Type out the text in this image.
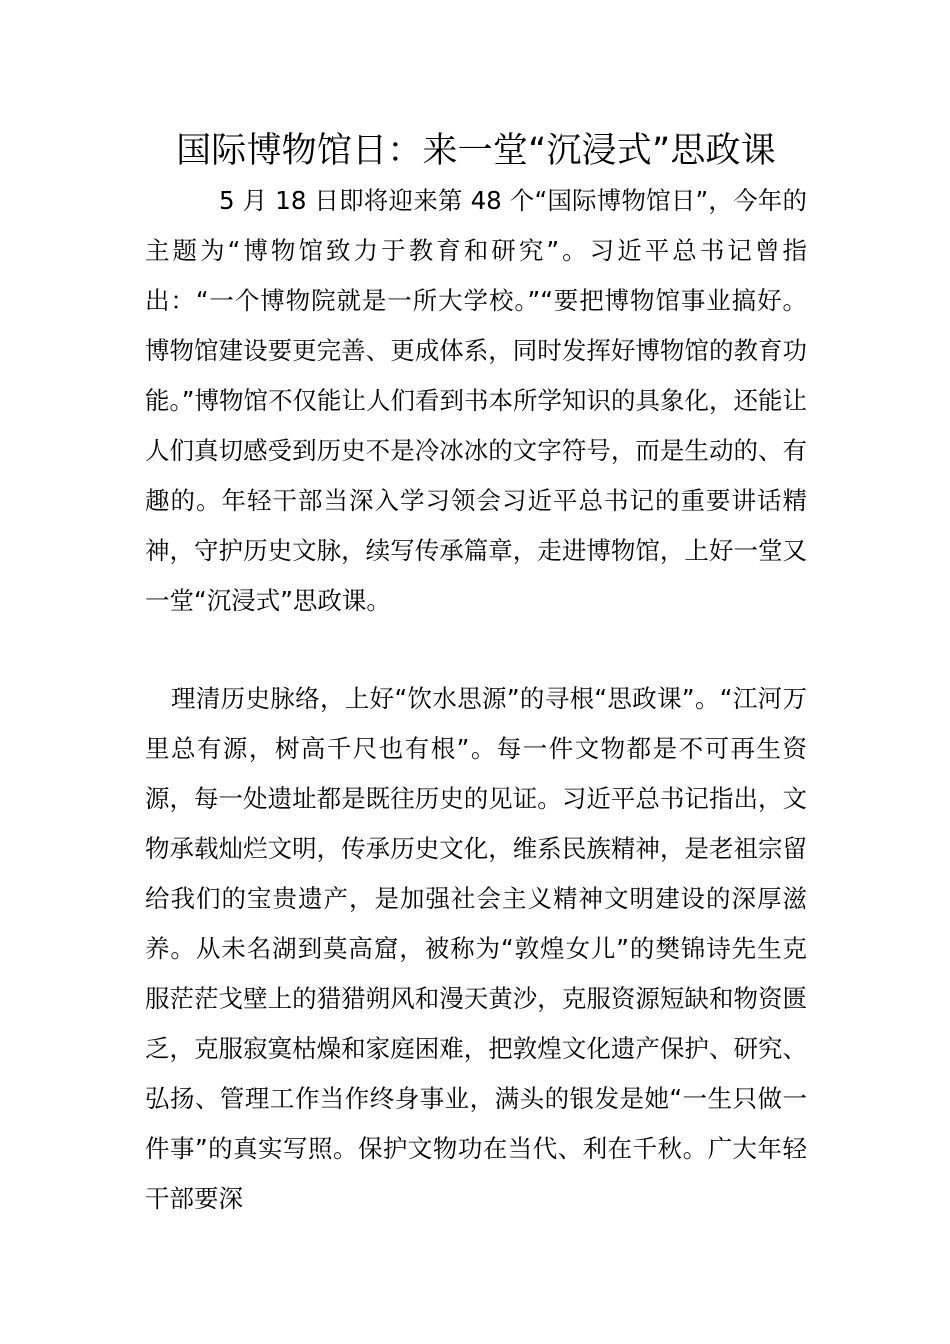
国际博物馆日：来一堂“沉浸式”思政课

5 月 18 日即将迎来第 48 个“国际博物馆日”，今年的主题为“博物馆致力于教育和研究”。习近平总书记曾指出：“一个博物院就是一所大学校。”“要把博物馆事业搞好。博物馆建设要更完善、更成体系，同时发挥好博物馆的教育功能。”博物馆不仅能让人们看到书本所学知识的具象化，还能让人们真切感受到历史不是冷冰冰的文字符号，而是生动的、有趣的。年轻干部当深入学习领会习近平总书记的重要讲话精神，守护历史文脉，续写传承篇章，走进博物馆，上好一堂又一堂“沉浸式”思政课。

理清历史脉络，上好“饮水思源”的寻根“思政课”。“江河万里总有源，树高千尺也有根”。每一件文物都是不可再生资源，每一处遗址都是既往历史的见证。习近平总书记指出，文物承载灿烂文明，传承历史文化，维系民族精神，是老祖宗留给我们的宝贵遗产，是加强社会主义精神文明建设的深厚滋养。从未名湖到莫高窟，被称为“敦煌女儿”的樊锦诗先生克服茫茫戈壁上的猎猎朔风和漫天黄沙，克服资源短缺和物资匮乏，克服寂寞枯燥和家庭困难，把敦煌文化遗产保护、研究、弘扬、管理工作当作终身事业，满头的银发是她“一生只做一件事”的真实写照。保护文物功在当代、利在千秋。广大年轻干部要深
